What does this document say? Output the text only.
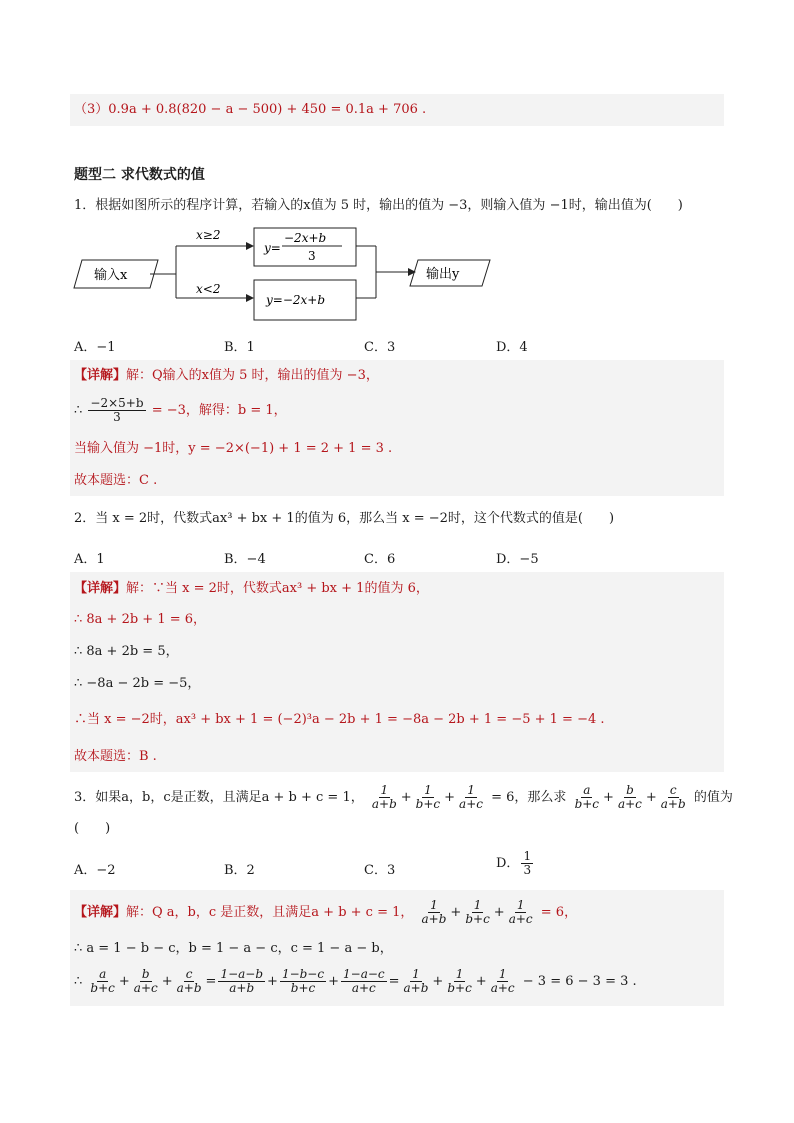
（3）0.9a + 0.8(820 − a − 500) + 450 = 0.1a + 706 .
题型二 求代数式的值
1．根据如图所示的程序计算，若输入的x值为 5 时，输出的值为 −3，则输入值为 −1时，输出值为(　　)
输入x
x≥2
x<2
y=
−2x+b
3
y=−2x+b
输出y
A．−1	B．1	C．3	D．4
【详解】解：Q输入的x值为 5 时，输出的值为 −3，
∴ $\frac{-2\times 5+b}{3} = -3$，解得：b = 1，
当输入值为 −1时，y = −2×(−1) + 1 = 2 + 1 = 3 .
故本题选：C .
2．当 x = 2时，代数式ax³ + bx + 1的值为 6，那么当 x = −2时，这个代数式的值是(　　)
A．1	B．−4	C．6	D．−5
【详解】解：∵当 x = 2时，代数式ax³ + bx + 1的值为 6，
∴ 8a + 2b + 1 = 6，
∴ 8a + 2b = 5，
∴ −8a − 2b = −5，
∴当 x = −2时，ax³ + bx + 1 = (−2)³a − 2b + 1 = −8a − 2b + 1 = −5 + 1 = −4 .
故本题选：B .
3．如果a，b，c是正数，且满足a + b + c = 1， $\frac{1}{a+b} + \frac{1}{b+c} + \frac{1}{a+c} = 6$，那么求 $\frac{a}{b+c} + \frac{b}{a+c} + \frac{c}{a+b}$ 的值为
(　　)
A．−2	B．2	C．3	D． $\frac{1}{3}$
【详解】解：Q a，b，c 是正数，且满足a + b + c = 1， $\frac{1}{a+b} + \frac{1}{b+c} + \frac{1}{a+c} = 6$，
∴ a = 1 − b − c，b = 1 − a − c，c = 1 − a − b，
∴ $\frac{a}{b+c} + \frac{b}{a+c} + \frac{c}{a+b} = \frac{1-a-b}{a+b} + \frac{1-b-c}{b+c} + \frac{1-a-c}{a+c} = \frac{1}{a+b} + \frac{1}{b+c} + \frac{1}{a+c} - 3 = 6 - 3 = 3$ .
